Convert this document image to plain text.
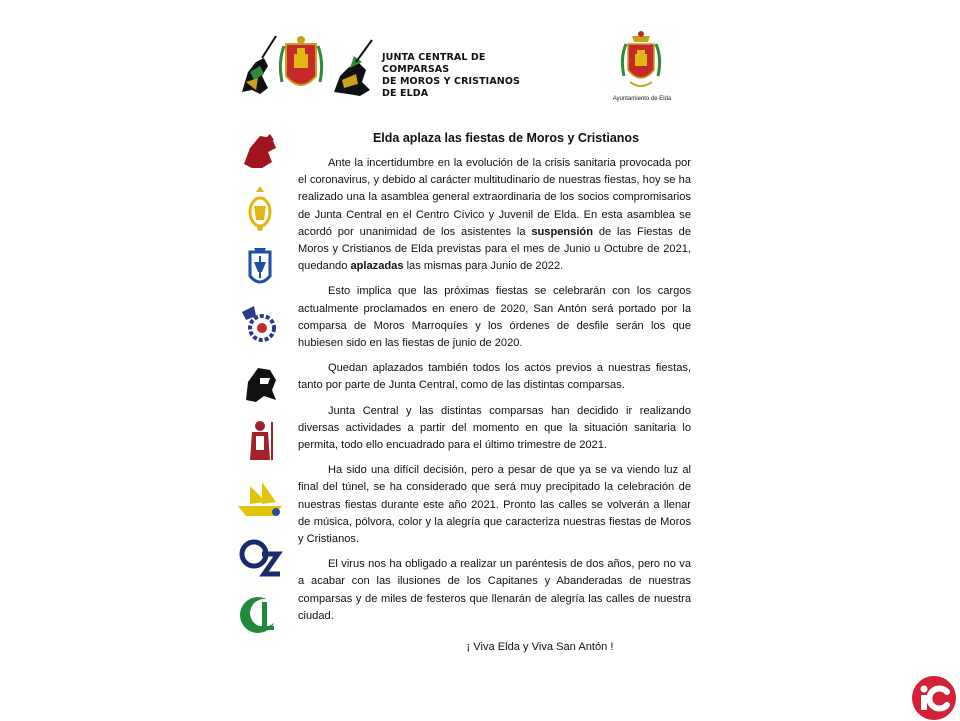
JUNTA CENTRAL DE COMPARSAS
DE MOROS Y CRISTIANOS DE ELDA	Ayuntamiento de Elda
Elda aplaza las fiestas de Moros y Cristianos

Ante la incertidumbre en la evolución de la crisis sanitaria provocada por el coronavirus, y debido al carácter multitudinario de nuestras fiestas, hoy se ha realizado una la asamblea general extraordinaria de los socios compromisarios de Junta Central en el Centro Cívico y Juvenil de Elda. En esta asamblea se acordó por unanimidad de los asistentes la suspensión de las Fiestas de Moros y Cristianos de Elda previstas para el mes de Junio u Octubre de 2021, quedando aplazadas las mismas para Junio de 2022.

Esto implica que las próximas fiestas se celebrarán con los cargos actualmente proclamados en enero de 2020, San Antón será portado por la comparsa de Moros Marroquíes y los órdenes de desfile serán los que hubiesen sido en las fiestas de junio de 2020.

Quedan aplazados también todos los actos previos a nuestras fiestas, tanto por parte de Junta Central, como de las distintas comparsas.

Junta Central y las distintas comparsas han decidido ir realizando diversas actividades a partir del momento en que la situación sanitaria lo permita, todo ello encuadrado para el último trimestre de 2021.

Ha sido una difícil decisión, pero a pesar de que ya se va viendo luz al final del túnel, se ha considerado que será muy precipitado la celebración de nuestras fiestas durante este año 2021. Pronto las calles se volverán a llenar de música, pólvora, color y la alegría que caracteriza nuestras fiestas de Moros y Cristianos.

El virus nos ha obligado a realizar un paréntesis de dos años, pero no va a acabar con las ilusiones de los Capitanes y Abanderadas de nuestras comparsas y de miles de festeros que llenarán de alegría las calles de nuestra ciudad.

¡ Viva Elda y Viva San Antón !
